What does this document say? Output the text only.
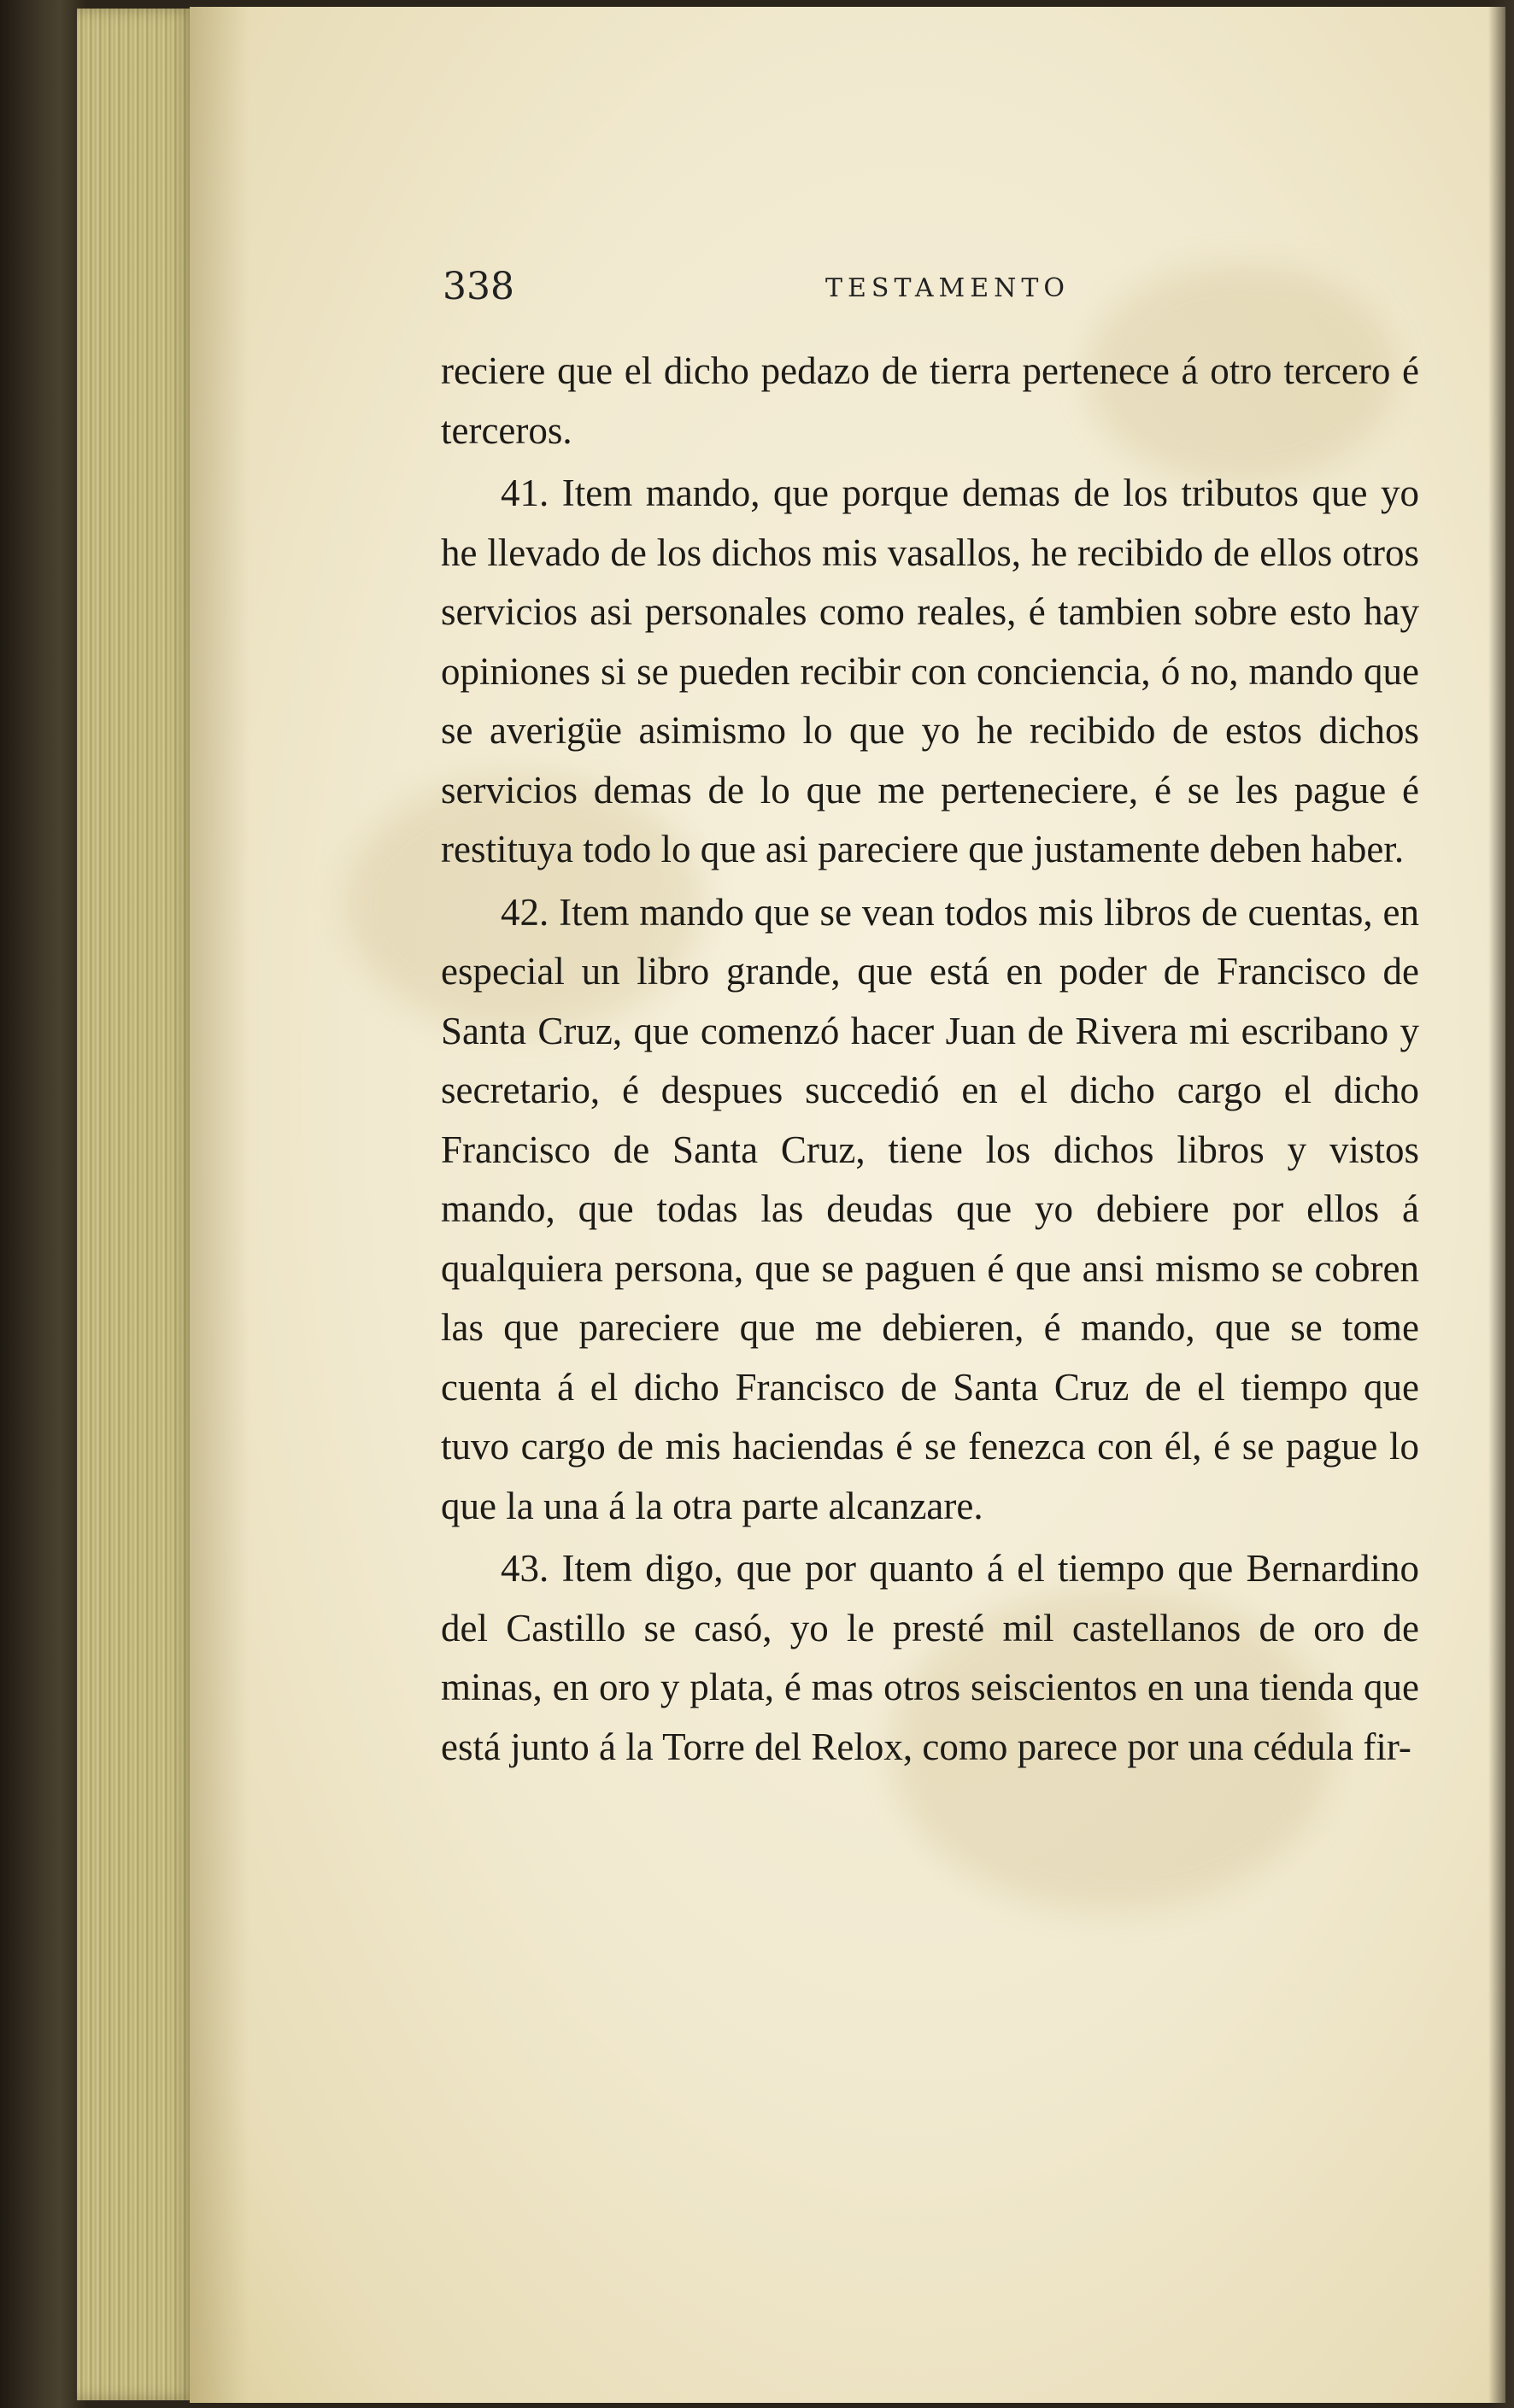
338	TESTAMENTO

reciere que el dicho pedazo de tierra pertenece á otro tercero é terceros.

41. Item mando, que porque demas de los tributos que yo he llevado de los dichos mis vasallos, he recibido de ellos otros servicios asi personales como reales, é tambien sobre esto hay opiniones si se pueden recibir con conciencia, ó no, mando que se averigüe asimismo lo que yo he recibido de estos dichos servicios demas de lo que me perteneciere, é se les pague é restituya todo lo que asi pareciere que justamente deben haber.

42. Item mando que se vean todos mis libros de cuentas, en especial un libro grande, que está en poder de Francisco de Santa Cruz, que comenzó hacer Juan de Rivera mi escribano y secretario, é despues succedió en el dicho cargo el dicho Francisco de Santa Cruz, tiene los dichos libros y vistos mando, que todas las deudas que yo debiere por ellos á qualquiera persona, que se paguen é que ansi mismo se cobren las que pareciere que me debieren, é mando, que se tome cuenta á el dicho Francisco de Santa Cruz de el tiempo que tuvo cargo de mis haciendas é se fenezca con él, é se pague lo que la una á la otra parte alcanzare.

43. Item digo, que por quanto á el tiempo que Bernardino del Castillo se casó, yo le presté mil castellanos de oro de minas, en oro y plata, é mas otros seiscientos en una tienda que está junto á la Torre del Relox, como parece por una cédula fir-
